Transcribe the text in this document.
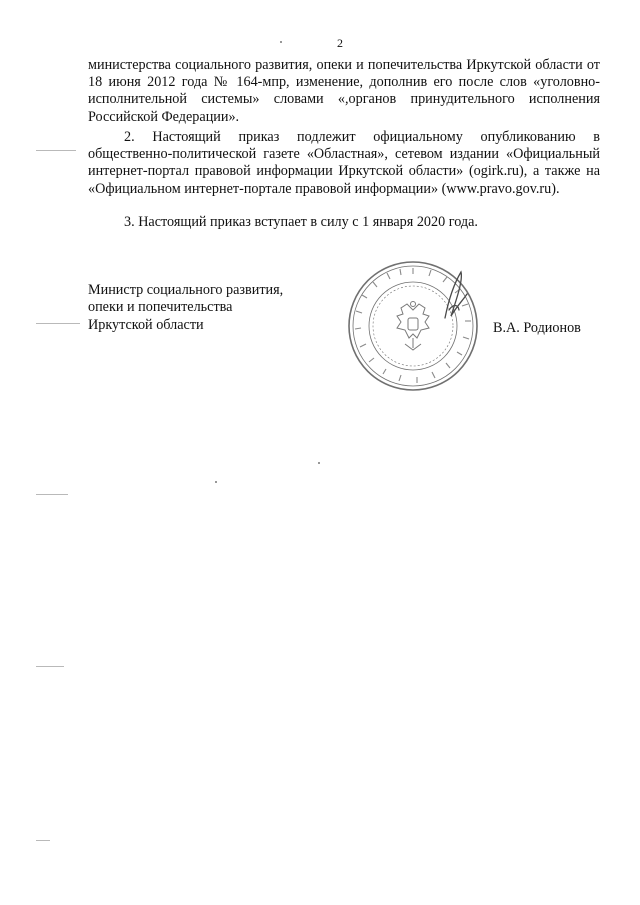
2

министерства социального развития, опеки и попечительства Иркутской области от 18 июня 2012 года № 164-мпр, изменение, дополнив его после слов «уголовно-исполнительной системы» словами «,органов принудительного исполнения Российской Федерации».

2. Настоящий приказ подлежит официальному опубликованию в общественно-политической газете «Областная», сетевом издании «Официальный интернет-портал правовой информации Иркутской области» (ogirk.ru), а также на «Официальном интернет-портале правовой информации» (www.pravo.gov.ru).

3. Настоящий приказ вступает в силу с 1 января 2020 года.

Министр социального развития,
опеки и попечительства
Иркутской области	В.А. Родионов
